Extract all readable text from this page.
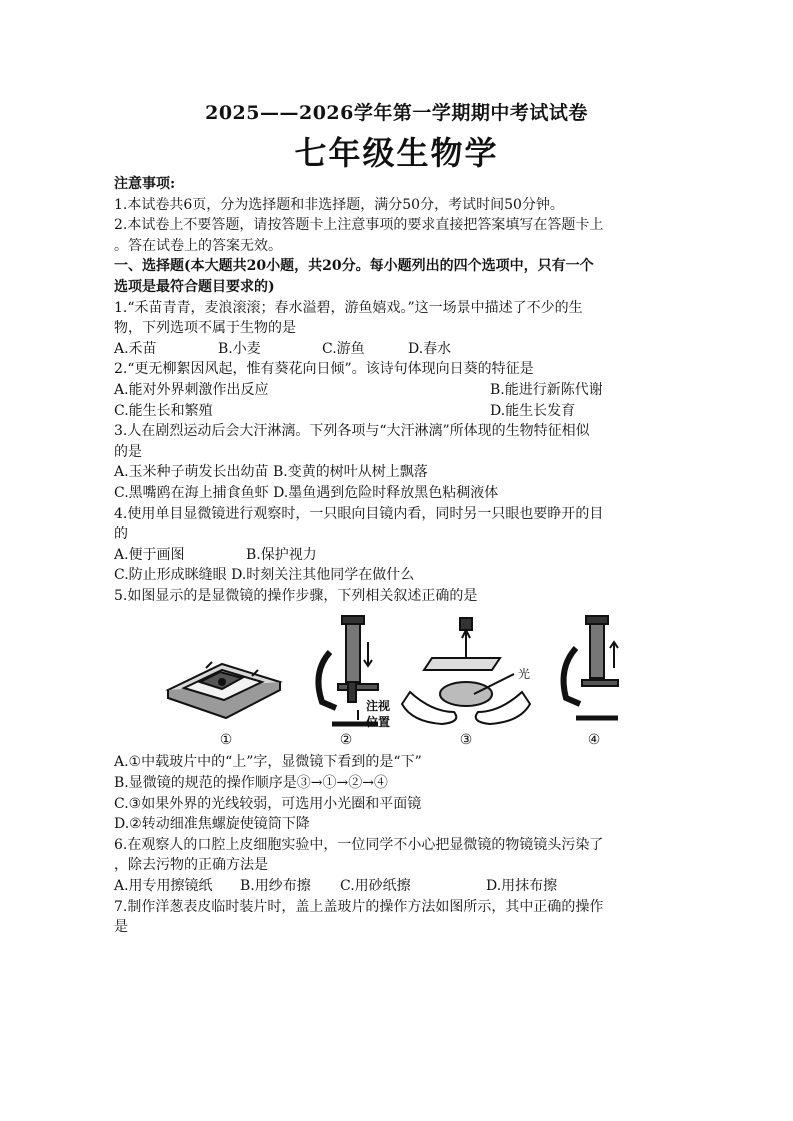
2025——2026学年第一学期期中考试试卷
七年级生物学

注意事项:

1.本试卷共6页，分为选择题和非选择题，满分50分，考试时间50分钟。

2.本试卷上不要答题，请按答题卡上注意事项的要求直接把答案填写在答题卡上

。答在试卷上的答案无效。

一、选择题(本大题共20小题，共20分。每小题列出的四个选项中，只有一个

选项是最符合题目要求的)

1.“禾苗青青，麦浪滚滚；春水溢碧，游鱼嬉戏。”这一场景中描述了不少的生

物，下列选项不属于生物的是

A.禾苗	B.小麦	C.游鱼	D.春水

2.“更无柳絮因风起，惟有葵花向日倾”。该诗句体现向日葵的特征是

A.能对外界刺激作出反应	B.能进行新陈代谢

C.能生长和繁殖	D.能生长发育

3.人在剧烈运动后会大汗淋漓。下列各项与“大汗淋漓”所体现的生物特征相似

的是

A.玉米种子萌发长出幼苗 B.变黄的树叶从树上飘落

C.黑嘴鸥在海上捕食鱼虾 D.墨鱼遇到危险时释放黑色粘稠液体

4.使用单目显微镜进行观察时，一只眼向目镜内看，同时另一只眼也要睁开的目

的

A.便于画图	B.保护视力

C.防止形成眯缝眼 D.时刻关注其他同学在做什么

5.如图显示的是显微镜的操作步骤，下列相关叙述正确的是

注视
位置
光
①	②	③	④

A.①中载玻片中的“上”字，显微镜下看到的是“下”

B.显微镜的规范的操作顺序是③→①→②→④

C.③如果外界的光线较弱，可选用小光圈和平面镜

D.②转动细准焦螺旋使镜筒下降

6.在观察人的口腔上皮细胞实验中，一位同学不小心把显微镜的物镜镜头污染了

，除去污物的正确方法是

A.用专用擦镜纸 B.用纱布擦 C.用砂纸擦	D.用抹布擦

7.制作洋葱表皮临时装片时，盖上盖玻片的操作方法如图所示，其中正确的操作

是
